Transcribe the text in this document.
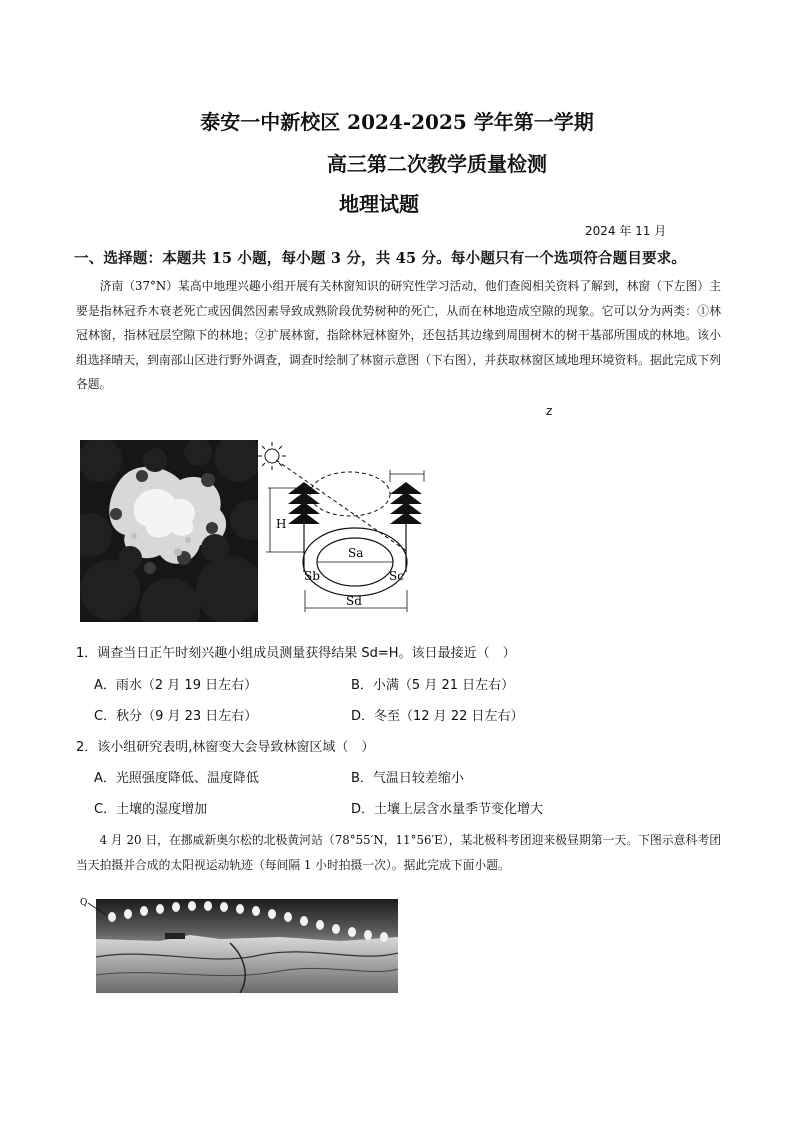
泰安一中新校区 2024-2025 学年第一学期
高三第二次教学质量检测
地理试题
2024 年 11 月
一、选择题：本题共 15 小题，每小题 3 分，共 45 分。每小题只有一个选项符合题目要求。
济南（37°N）某高中地理兴趣小组开展有关林窗知识的研究性学习活动，他们查阅相关资料了解到，林窗（下左图）主要是指林冠乔木衰老死亡或因偶然因素导致成熟阶段优势树种的死亡，从而在林地造成空隙的现象。它可以分为两类：①林冠林窗，指林冠层空隙下的林地；②扩展林窗，指除林冠林窗外，还包括其边缘到周围树木的树干基部所围成的林地。该小组选择晴天，到南部山区进行野外调查，调查时绘制了林窗示意图（下右图），并获取林窗区域地理环境资料。据此完成下列各题。
z
H
Sa
Sb	Sc
Sd
1．调查当日正午时刻兴趣小组成员测量获得结果 Sd=H。该日最接近（　）
A．雨水（2 月 19 日左右）	B．小满（5 月 21 日左右）
C．秋分（9 月 23 日左右）	D．冬至（12 月 22 日左右）
2．该小组研究表明,林窗变大会导致林窗区域（　）
A．光照强度降低、温度降低	B．气温日较差缩小
C．土壤的湿度增加	D．土壤上层含水量季节变化增大
4 月 20 日，在挪威新奥尔松的北极黄河站（78°55′N，11°56′E），某北极科考团迎来极昼期第一天。下图示意科考团当天拍摄并合成的太阳视运动轨迹（每间隔 1 小时拍摄一次）。据此完成下面小题。
Q
